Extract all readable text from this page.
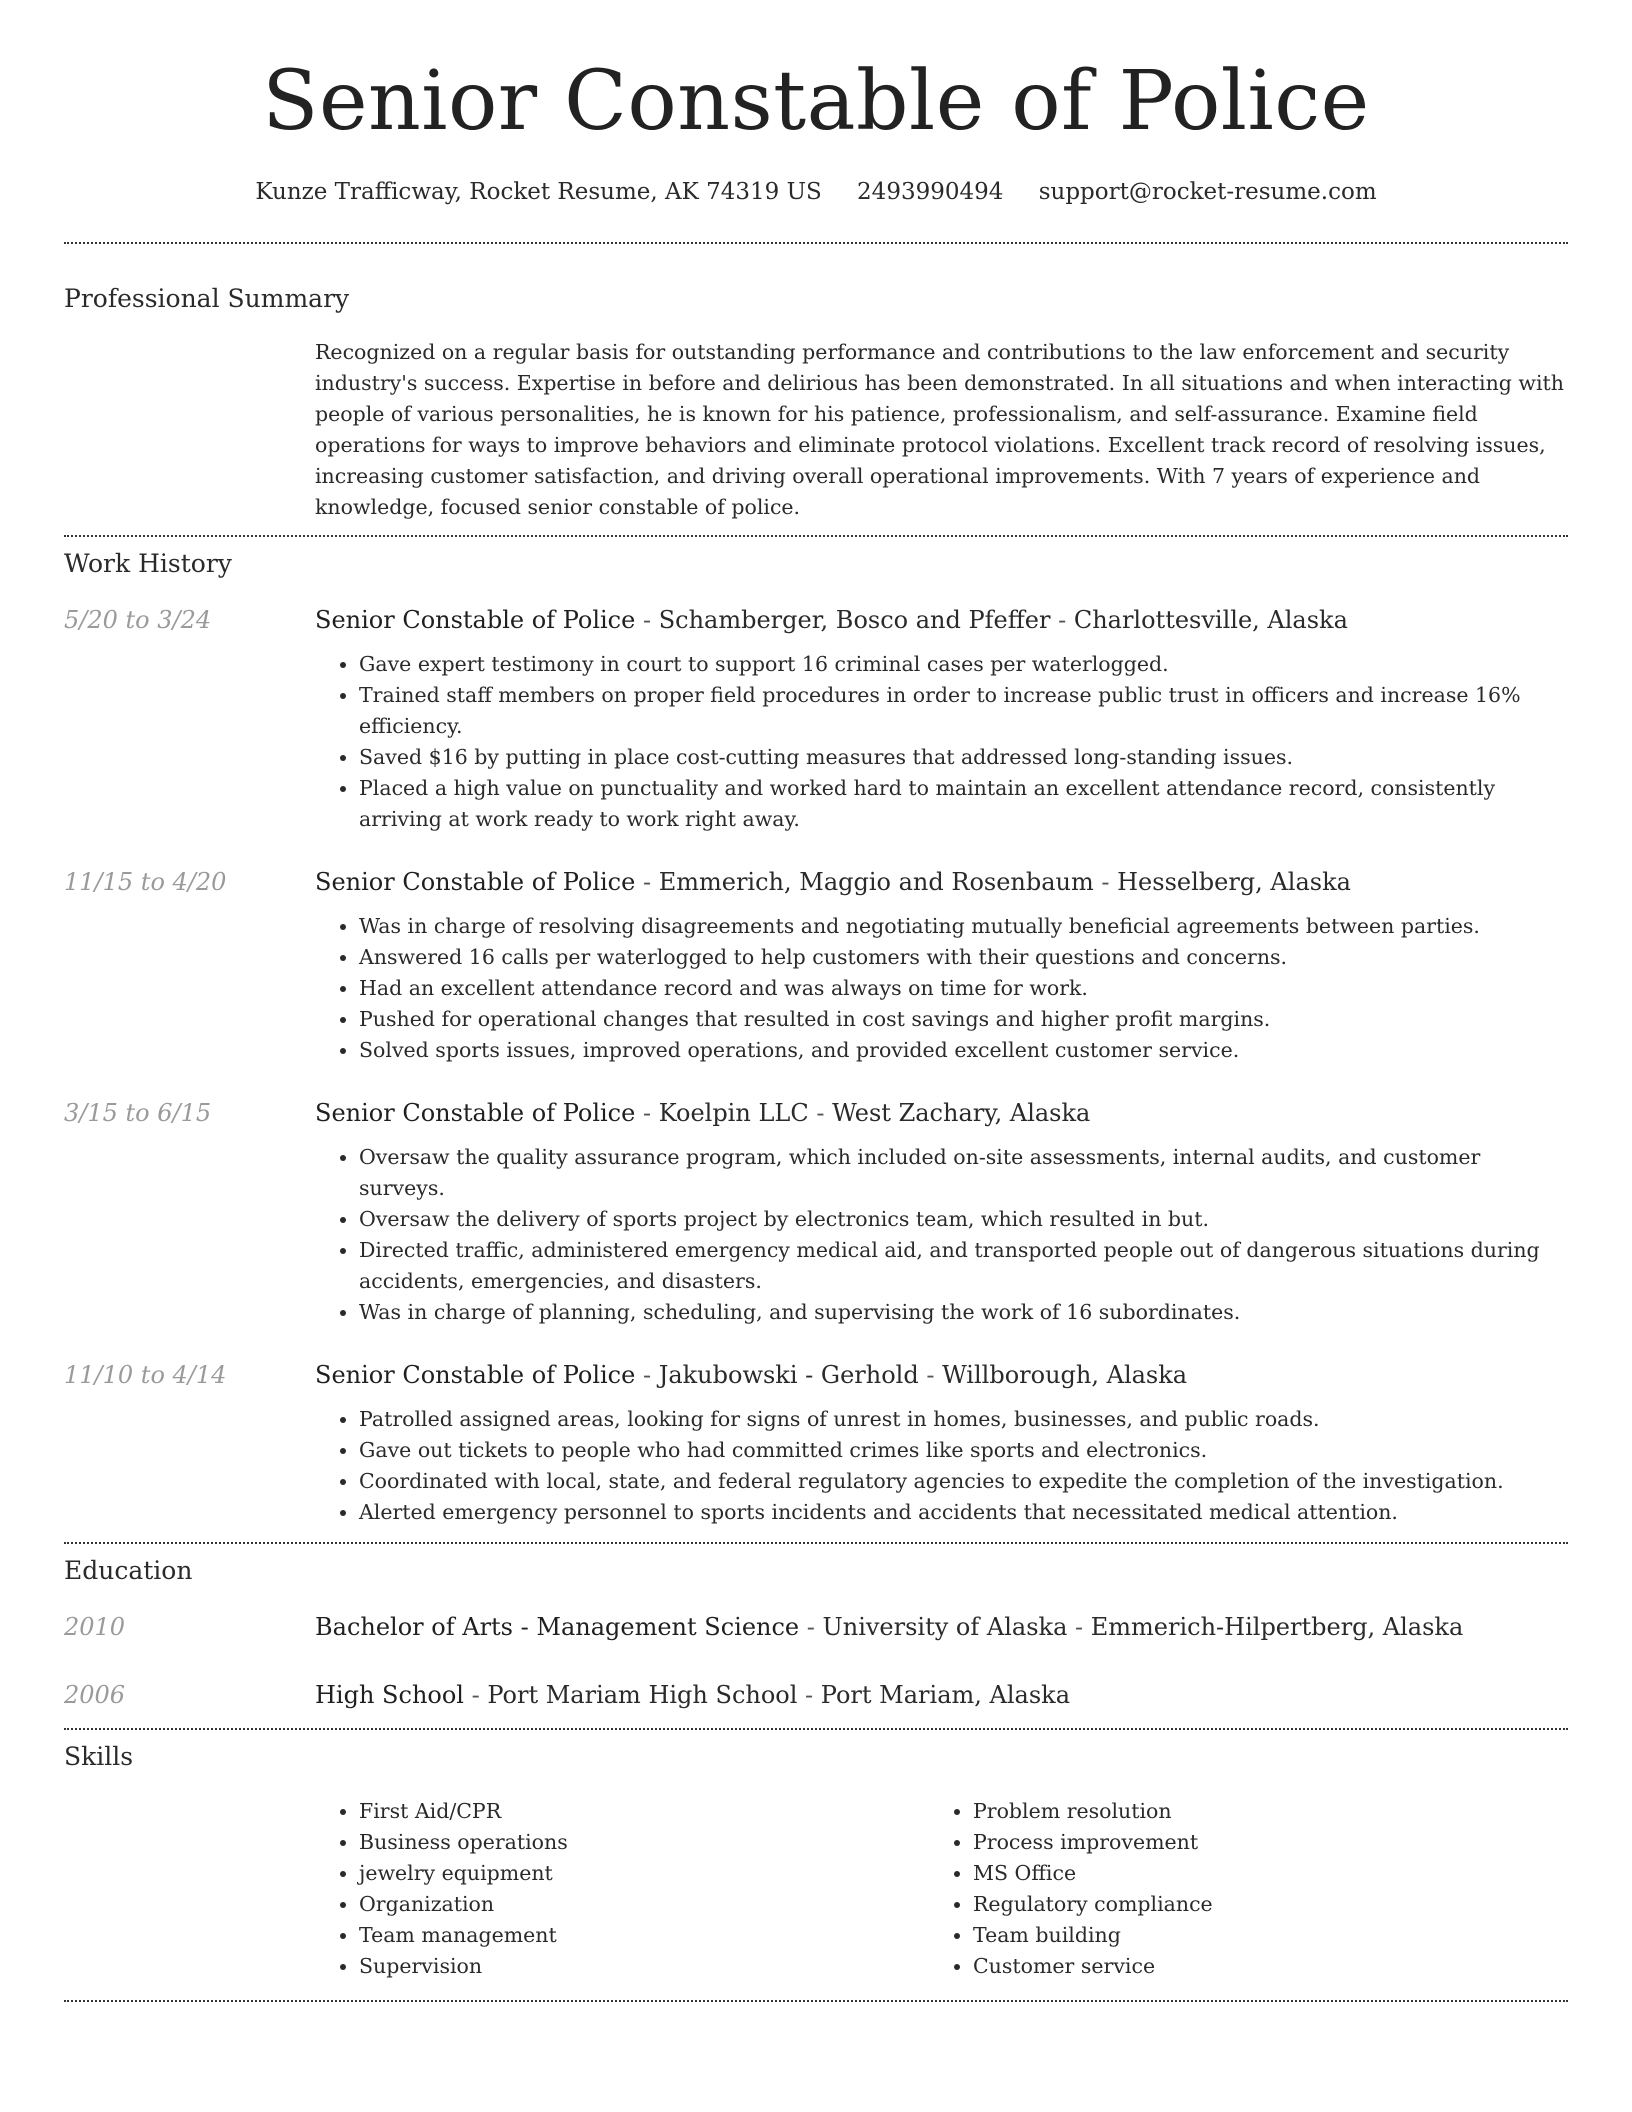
Senior Constable of Police
Kunze Trafficway, Rocket Resume, AK 74319 US 2493990494 support@rocket-resume.com
Professional Summary
Recognized on a regular basis for outstanding performance and contributions to the law enforcement and security industry's success. Expertise in before and delirious has been demonstrated. In all situations and when interacting with people of various personalities, he is known for his patience, professionalism, and self-assurance. Examine field operations for ways to improve behaviors and eliminate protocol violations. Excellent track record of resolving issues, increasing customer satisfaction, and driving overall operational improvements. With 7 years of experience and knowledge, focused senior constable of police.
Work History
5/20 to 3/24	Senior Constable of Police - Schamberger, Bosco and Pfeffer - Charlottesville, Alaska
• Gave expert testimony in court to support 16 criminal cases per waterlogged.
• Trained staff members on proper field procedures in order to increase public trust in officers and increase 16% efficiency.
• Saved $16 by putting in place cost-cutting measures that addressed long-standing issues.
• Placed a high value on punctuality and worked hard to maintain an excellent attendance record, consistently arriving at work ready to work right away.
11/15 to 4/20	Senior Constable of Police - Emmerich, Maggio and Rosenbaum - Hesselberg, Alaska
• Was in charge of resolving disagreements and negotiating mutually beneficial agreements between parties.
• Answered 16 calls per waterlogged to help customers with their questions and concerns.
• Had an excellent attendance record and was always on time for work.
• Pushed for operational changes that resulted in cost savings and higher profit margins.
• Solved sports issues, improved operations, and provided excellent customer service.
3/15 to 6/15	Senior Constable of Police - Koelpin LLC - West Zachary, Alaska
• Oversaw the quality assurance program, which included on-site assessments, internal audits, and customer surveys.
• Oversaw the delivery of sports project by electronics team, which resulted in but.
• Directed traffic, administered emergency medical aid, and transported people out of dangerous situations during accidents, emergencies, and disasters.
• Was in charge of planning, scheduling, and supervising the work of 16 subordinates.
11/10 to 4/14	Senior Constable of Police - Jakubowski - Gerhold - Willborough, Alaska
• Patrolled assigned areas, looking for signs of unrest in homes, businesses, and public roads.
• Gave out tickets to people who had committed crimes like sports and electronics.
• Coordinated with local, state, and federal regulatory agencies to expedite the completion of the investigation.
• Alerted emergency personnel to sports incidents and accidents that necessitated medical attention.
Education
2010	Bachelor of Arts - Management Science - University of Alaska - Emmerich-Hilpertberg, Alaska
2006	High School - Port Mariam High School - Port Mariam, Alaska
Skills
• First Aid/CPR
• Business operations
• jewelry equipment
• Organization
• Team management
• Supervision
• Problem resolution
• Process improvement
• MS Office
• Regulatory compliance
• Team building
• Customer service
